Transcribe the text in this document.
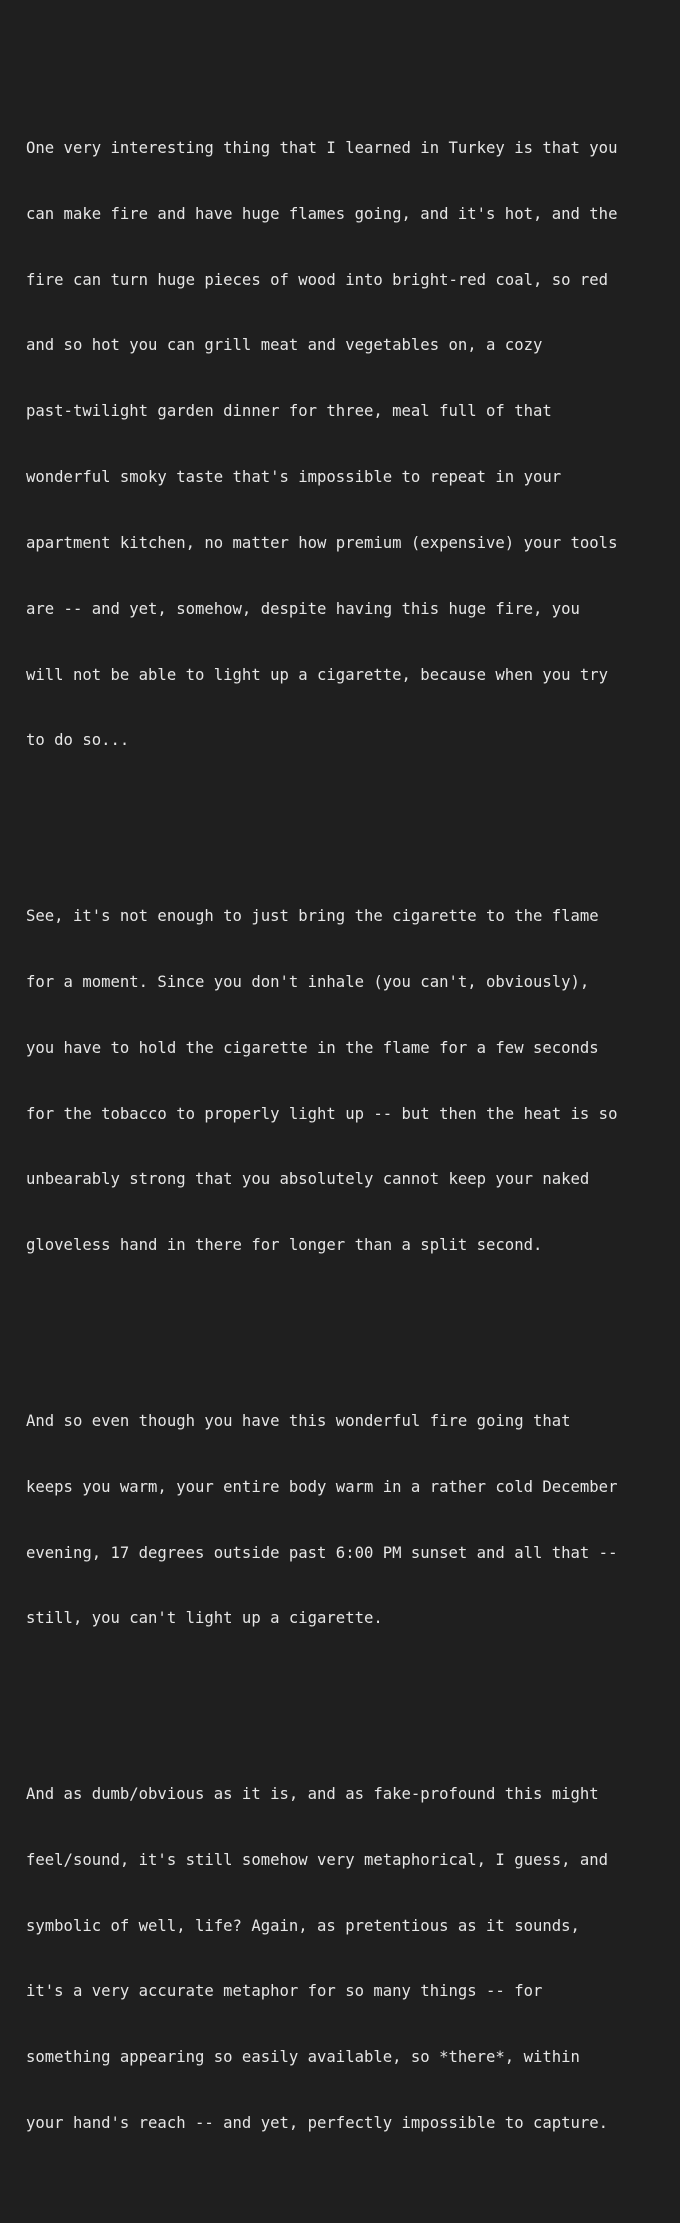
One very interesting thing that I learned in Turkey is that you

can make fire and have huge flames going, and it's hot, and the

fire can turn huge pieces of wood into bright-red coal, so red

and so hot you can grill meat and vegetables on, a cozy

past-twilight garden dinner for three, meal full of that

wonderful smoky taste that's impossible to repeat in your

apartment kitchen, no matter how premium (expensive) your tools

are -- and yet, somehow, despite having this huge fire, you

will not be able to light up a cigarette, because when you try

to do so...

See, it's not enough to just bring the cigarette to the flame

for a moment. Since you don't inhale (you can't, obviously),

you have to hold the cigarette in the flame for a few seconds

for the tobacco to properly light up -- but then the heat is so

unbearably strong that you absolutely cannot keep your naked

gloveless hand in there for longer than a split second.

And so even though you have this wonderful fire going that

keeps you warm, your entire body warm in a rather cold December

evening, 17 degrees outside past 6:00 PM sunset and all that --

still, you can't light up a cigarette.

And as dumb/obvious as it is, and as fake-profound this might

feel/sound, it's still somehow very metaphorical, I guess, and

symbolic of well, life? Again, as pretentious as it sounds,

it's a very accurate metaphor for so many things -- for

something appearing so easily available, so *there*, within

your hand's reach -- and yet, perfectly impossible to capture.
